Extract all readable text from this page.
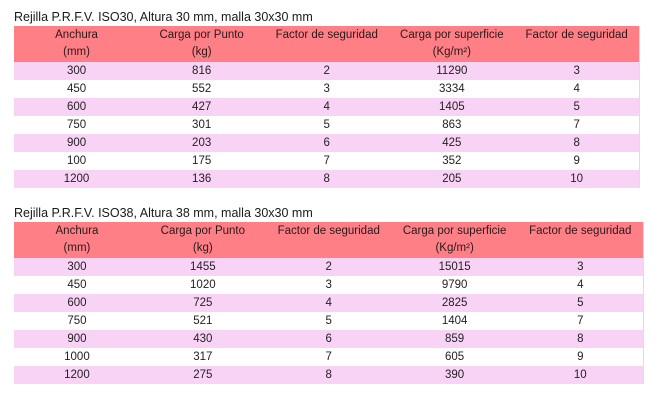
Rejilla P.R.F.V. ISO30, Altura 30 mm, malla 30x30 mm
Anchura	Carga por Punto	Factor de seguridad	Carga por superficie	Factor de seguridad
(mm)	(kg)		(Kg/m²)	
300	816	2	11290	3
450	552	3	3334	4
600	427	4	1405	5
750	301	5	863	7
900	203	6	425	8
100	175	7	352	9
1200	136	8	205	10
Rejilla P.R.F.V. ISO38, Altura 38 mm, malla 30x30 mm
Anchura	Carga por Punto	Factor de seguridad	Carga por superficie	Factor de seguridad
(mm)	(kg)		(Kg/m²)	
300	1455	2	15015	3
450	1020	3	9790	4
600	725	4	2825	5
750	521	5	1404	7
900	430	6	859	8
1000	317	7	605	9
1200	275	8	390	10
